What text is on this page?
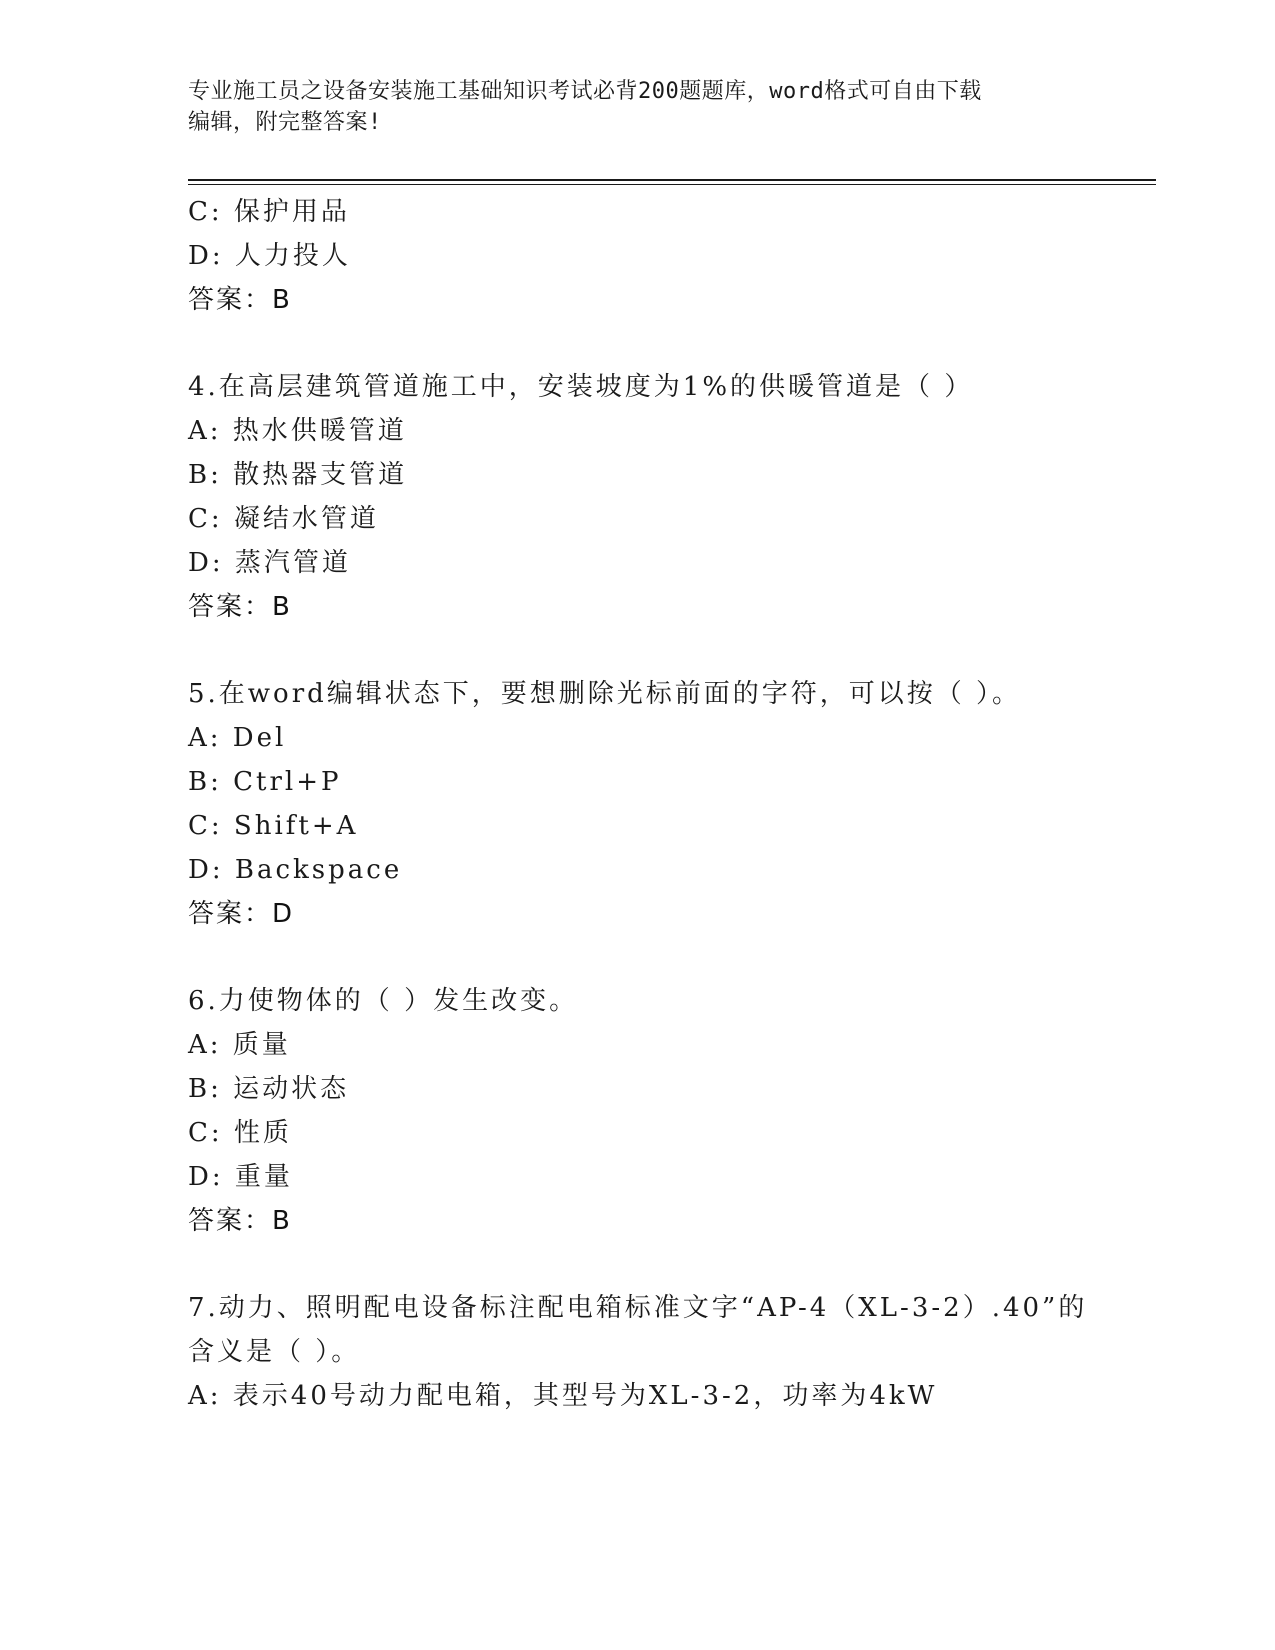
专业施工员之设备安装施工基础知识考试必背200题题库，word格式可自由下载
编辑，附完整答案!
C: 保护用品
D: 人力投人
答案：B
4.在高层建筑管道施工中，安装坡度为1%的供暖管道是（ ）
A: 热水供暖管道
B: 散热器支管道
C: 凝结水管道
D: 蒸汽管道
答案：B
5.在word编辑状态下，要想删除光标前面的字符，可以按（ ）。
A: Del
B: Ctrl+P
C: Shift+A
D: Backspace
答案：D
6.力使物体的（ ）发生改变。
A: 质量
B: 运动状态
C: 性质
D: 重量
答案：B
7.动力、照明配电设备标注配电箱标准文字“AP-4（XL-3-2）.40”的
含义是（ ）。
A: 表示40号动力配电箱，其型号为XL-3-2，功率为4kW
